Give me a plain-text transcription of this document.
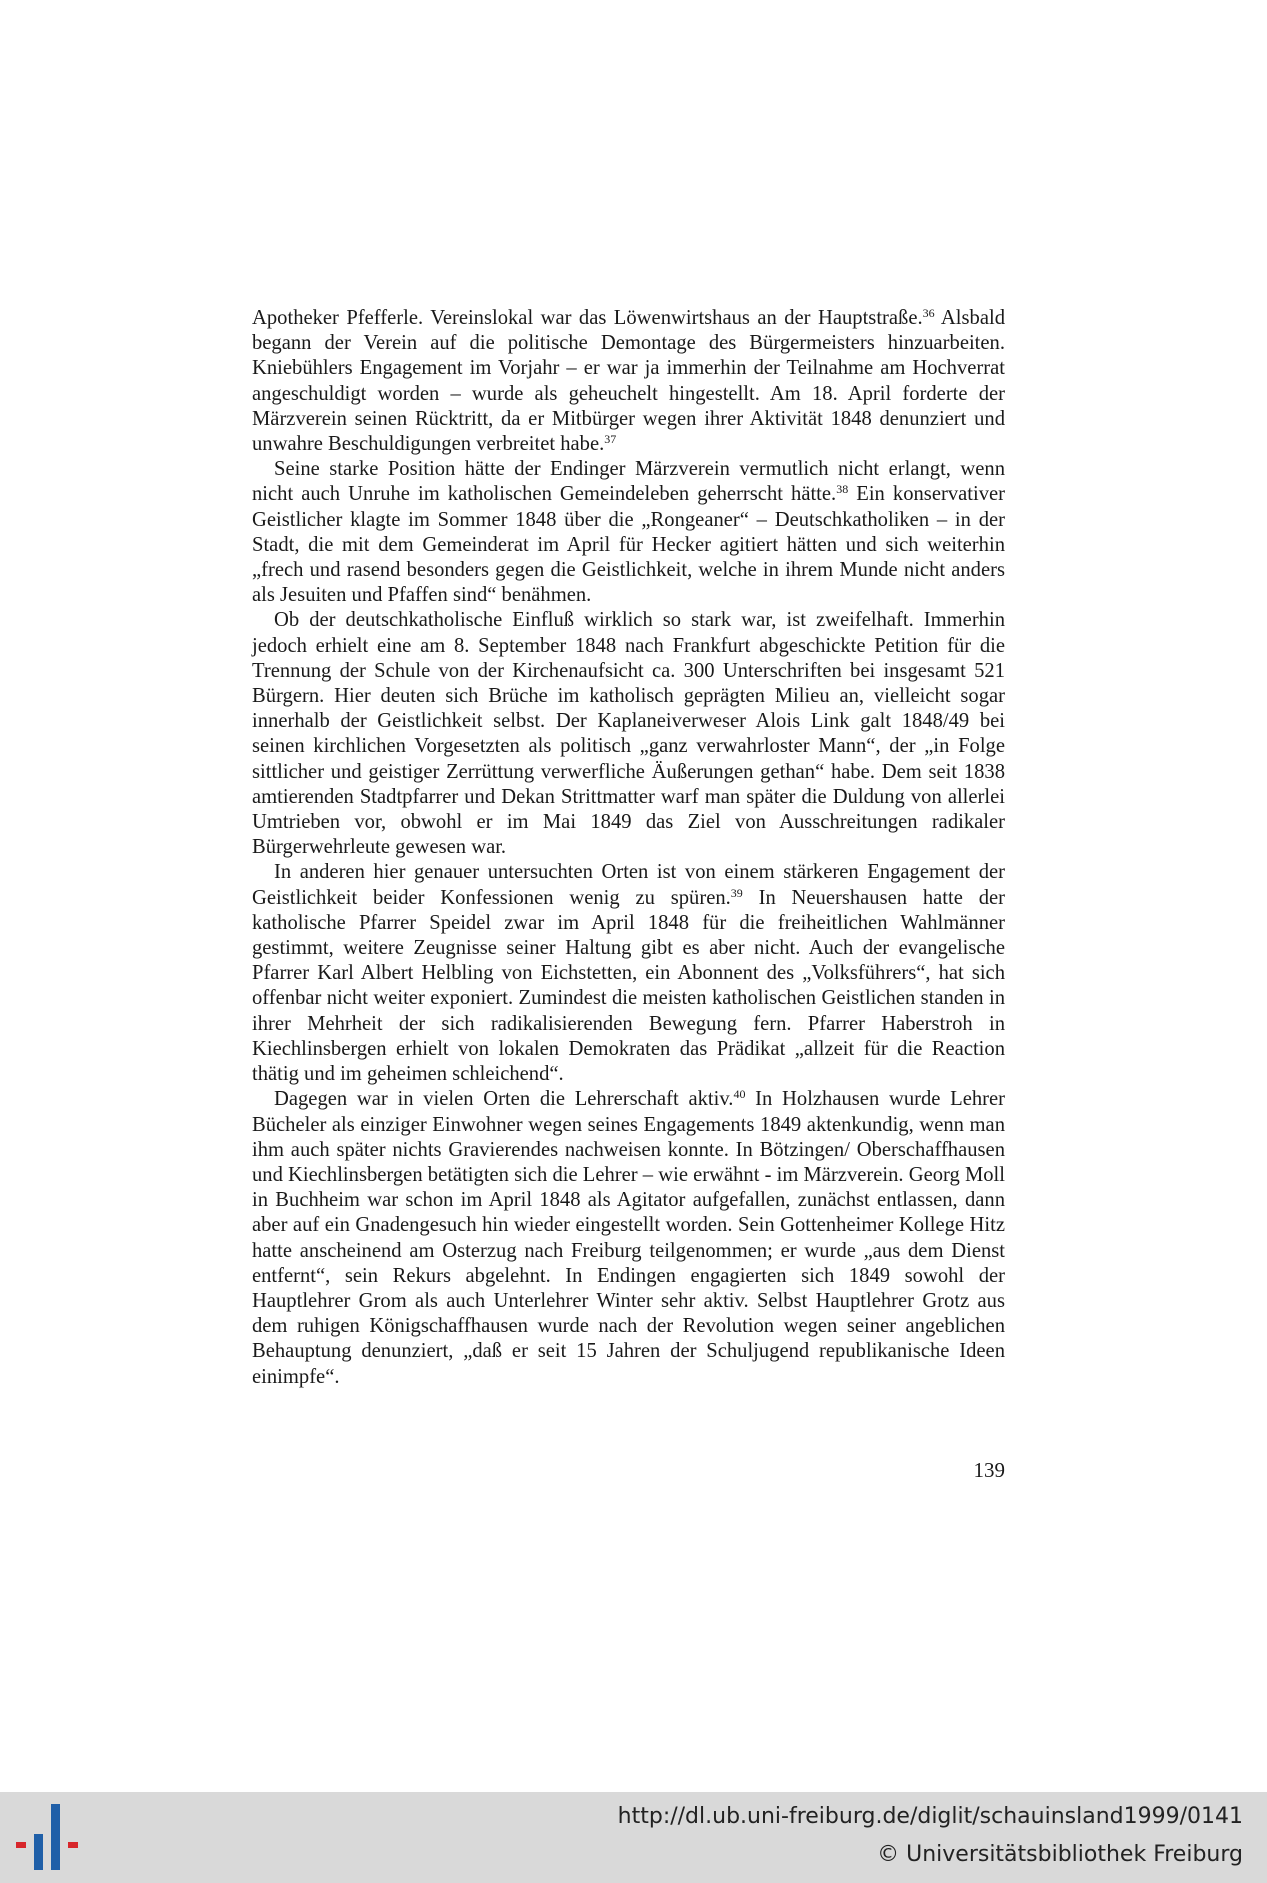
Apotheker Pfefferle. Vereinslokal war das Löwenwirtshaus an der Hauptstraße.$^{36}$ Alsbald begann der Verein auf die politische Demontage des Bürgermeisters hinzuarbeiten. Kniebühlers Engagement im Vorjahr – er war ja immerhin der Teilnahme am Hochverrat angeschuldigt worden – wurde als geheuchelt hingestellt. Am 18. April forderte der Märzverein seinen Rücktritt, da er Mitbürger wegen ihrer Aktivität 1848 denunziert und unwahre Beschuldigungen verbreitet habe.$^{37}$

Seine starke Position hätte der Endinger Märzverein vermutlich nicht erlangt, wenn nicht auch Unruhe im katholischen Gemeindeleben geherrscht hätte.$^{38}$ Ein konservativer Geistlicher klagte im Sommer 1848 über die „Rongeaner“ – Deutschkatholiken – in der Stadt, die mit dem Gemeinderat im April für Hecker agitiert hätten und sich weiterhin „frech und rasend besonders gegen die Geistlichkeit, welche in ihrem Munde nicht anders als Jesuiten und Pfaffen sind“ benähmen.

Ob der deutschkatholische Einfluß wirklich so stark war, ist zweifelhaft. Immerhin jedoch erhielt eine am 8. September 1848 nach Frankfurt abgeschickte Petition für die Trennung der Schule von der Kirchenaufsicht ca. 300 Unterschriften bei insgesamt 521 Bürgern. Hier deuten sich Brüche im katholisch geprägten Milieu an, vielleicht sogar innerhalb der Geistlichkeit selbst. Der Kaplaneiverweser Alois Link galt 1848/49 bei seinen kirchlichen Vorgesetzten als politisch „ganz verwahrloster Mann“, der „in Folge sittlicher und geistiger Zerrüttung verwerfliche Äußerungen gethan“ habe. Dem seit 1838 amtierenden Stadtpfarrer und Dekan Strittmatter warf man später die Duldung von allerlei Umtrieben vor, obwohl er im Mai 1849 das Ziel von Ausschreitungen radikaler Bürgerwehrleute gewesen war.

In anderen hier genauer untersuchten Orten ist von einem stärkeren Engagement der Geistlichkeit beider Konfessionen wenig zu spüren.$^{39}$ In Neuershausen hatte der katholische Pfarrer Speidel zwar im April 1848 für die freiheitlichen Wahlmänner gestimmt, weitere Zeugnisse seiner Haltung gibt es aber nicht. Auch der evangelische Pfarrer Karl Albert Helbling von Eichstetten, ein Abonnent des „Volksführers“, hat sich offenbar nicht weiter exponiert. Zumindest die meisten katholischen Geistlichen standen in ihrer Mehrheit der sich radikalisierenden Bewegung fern. Pfarrer Haberstroh in Kiechlinsbergen erhielt von lokalen Demokraten das Prädikat „allzeit für die Reaction thätig und im geheimen schleichend“.

Dagegen war in vielen Orten die Lehrerschaft aktiv.$^{40}$ In Holzhausen wurde Lehrer Bücheler als einziger Einwohner wegen seines Engagements 1849 aktenkundig, wenn man ihm auch später nichts Gravierendes nachweisen konnte. In Bötzingen/ Oberschaffhausen und Kiechlinsbergen betätigten sich die Lehrer – wie erwähnt - im Märzverein. Georg Moll in Buchheim war schon im April 1848 als Agitator aufgefallen, zunächst entlassen, dann aber auf ein Gnadengesuch hin wieder eingestellt worden. Sein Gottenheimer Kollege Hitz hatte anscheinend am Osterzug nach Freiburg teilgenommen; er wurde „aus dem Dienst entfernt“, sein Rekurs abgelehnt. In Endingen engagierten sich 1849 sowohl der Hauptlehrer Grom als auch Unterlehrer Winter sehr aktiv. Selbst Hauptlehrer Grotz aus dem ruhigen Königschaffhausen wurde nach der Revolution wegen seiner angeblichen Behauptung denunziert, „daß er seit 15 Jahren der Schuljugend republikanische Ideen einimpfe“.

139
http://dl.ub.uni-freiburg.de/diglit/schauinsland1999/0141
© Universitätsbibliothek Freiburg
